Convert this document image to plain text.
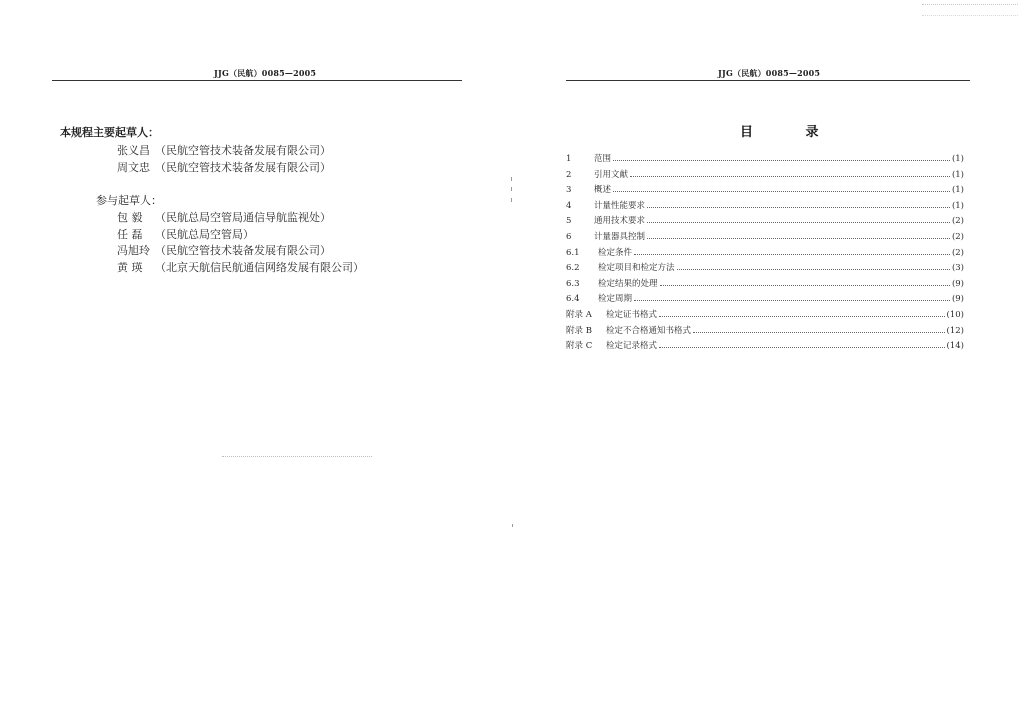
JJG（民航）0085—2005
本规程主要起草人：
张义昌 （民航空管技术装备发展有限公司）
周文忠 （民航空管技术装备发展有限公司）
参与起草人：
包 毅 （民航总局空管局通信导航监视处）
任 磊 （民航总局空管局）
冯旭玲 （民航空管技术装备发展有限公司）
黄 瑛 （北京天航信民航通信网络发展有限公司）
JJG（民航）0085—2005
目 录
1	范围	(1)
2	引用文献	(1)
3	概述	(1)
4	计量性能要求	(1)
5	通用技术要求	(2)
6	计量器具控制	(2)
6.1	检定条件	(2)
6.2	检定项目和检定方法	(3)
6.3	检定结果的处理	(9)
6.4	检定周期	(9)
附录 A	检定证书格式	(10)
附录 B	检定不合格通知书格式	(12)
附录 C	检定记录格式	(14)
